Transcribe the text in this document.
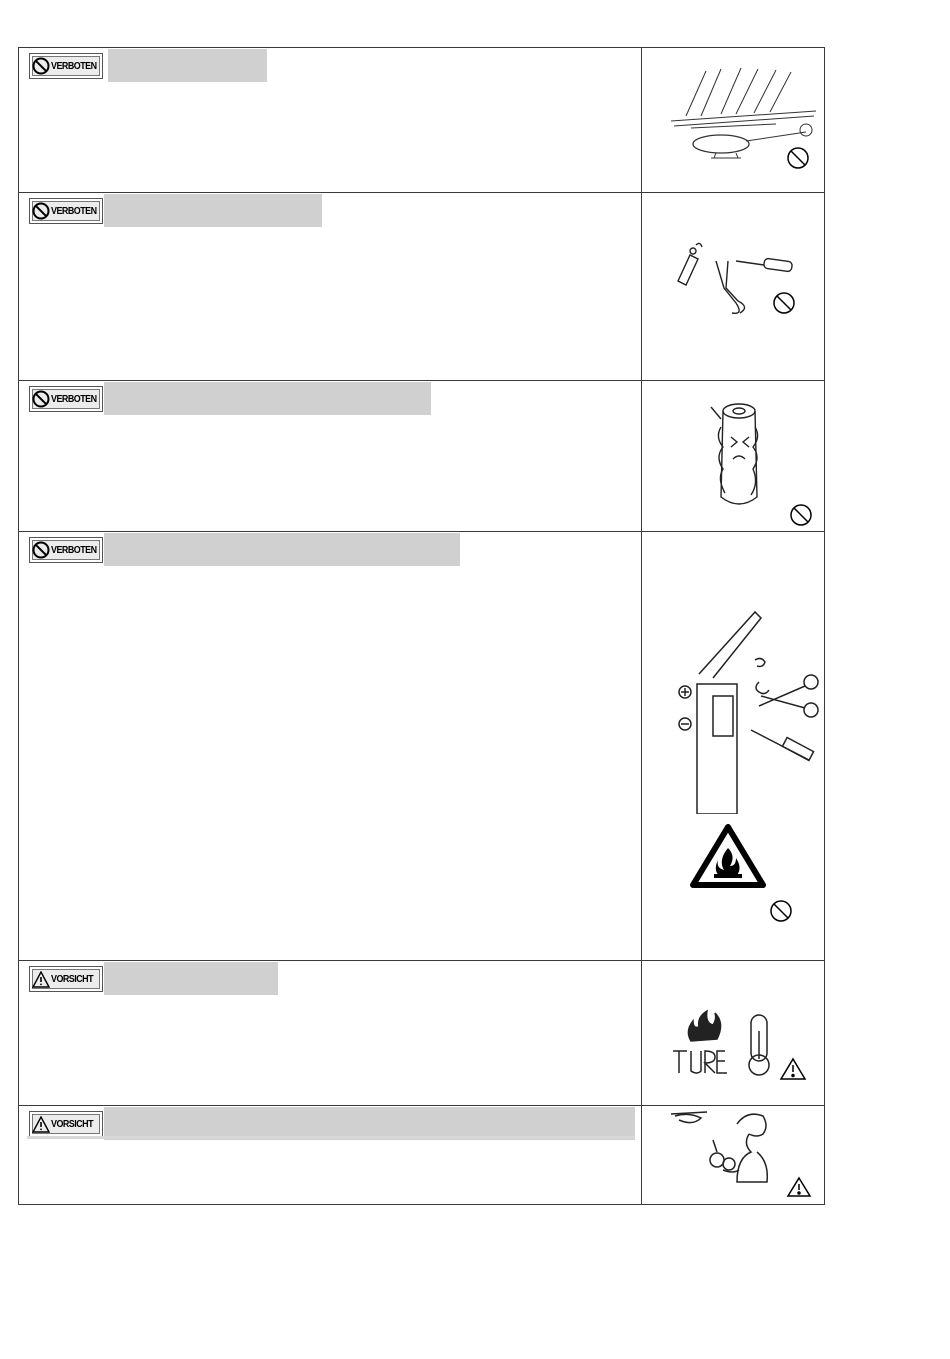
VERBOTEN
VERBOTEN
VERBOTEN
VERBOTEN
VORSICHT
VORSICHT
